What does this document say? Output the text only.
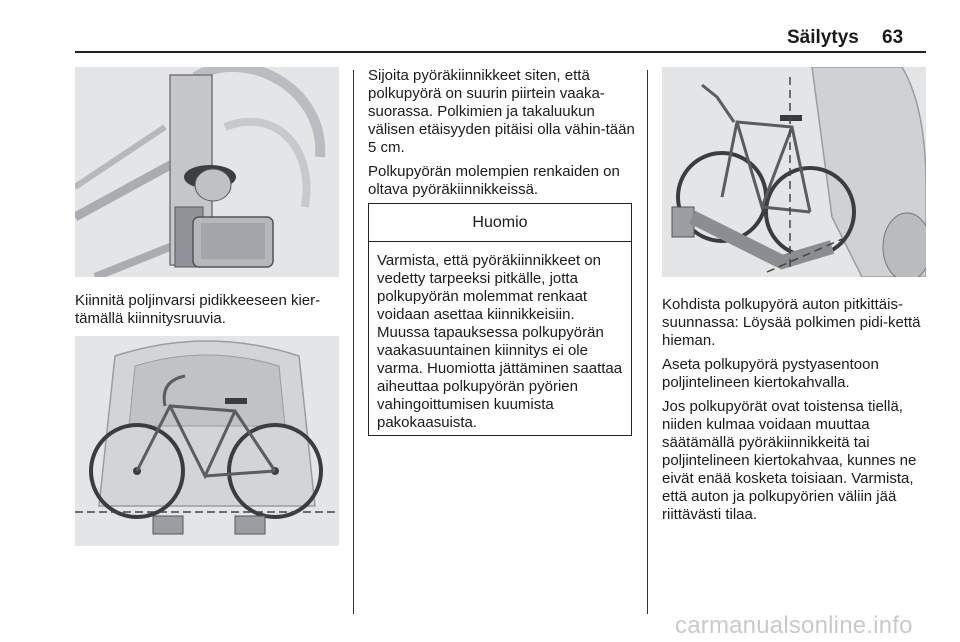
Säilytys 63

Kiinnitä poljinvarsi pidikkeeseen kier-tämällä kiinnitysruuvia.

Sijoita pyöräkiinnikkeet siten, että polkupyörä on suurin piirtein vaaka-suorassa. Polkimien ja takaluukun välisen etäisyyden pitäisi olla vähin-tään 5 cm.

Polkupyörän molempien renkaiden on oltava pyöräkiinnikkeissä.

Huomio
Varmista, että pyöräkiinnikkeet on vedetty tarpeeksi pitkälle, jotta polkupyörän molemmat renkaat voidaan asettaa kiinnikkeisiin. Muussa tapauksessa polkupyörän vaakasuuntainen kiinnitys ei ole varma. Huomiotta jättäminen saattaa aiheuttaa polkupyörän pyörien vahingoittumisen kuumista pakokaasuista.

Kohdista polkupyörä auton pitkittäis-suunnassa: Löysää polkimen pidi-kettä hieman.

Aseta polkupyörä pystyasentoon poljintelineen kiertokahvalla.

Jos polkupyörät ovat toistensa tiellä, niiden kulmaa voidaan muuttaa säätämällä pyöräkiinnikkeitä tai poljintelineen kiertokahvaa, kunnes ne eivät enää kosketa toisiaan. Varmista, että auton ja polkupyörien väliin jää riittävästi tilaa.

carmanualsonline.info
